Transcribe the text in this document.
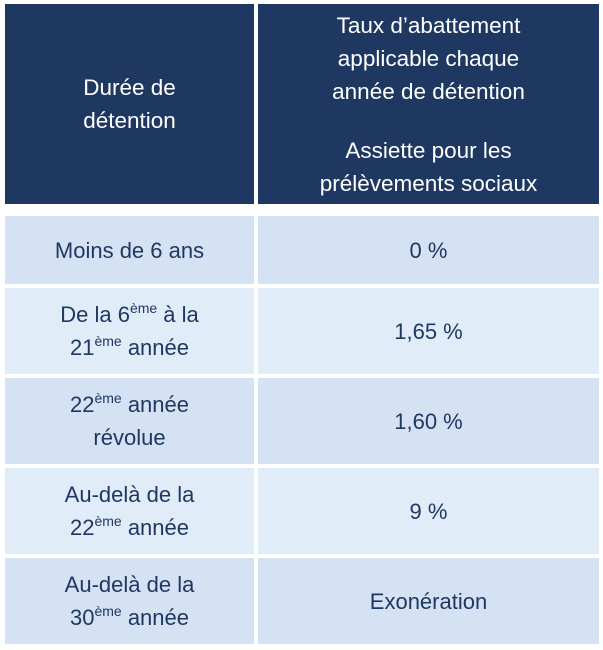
Durée de
détention
Taux d’abattement
applicable chaque
année de détention
Assiette pour les
prélèvements sociaux
Moins de 6 ans	0 %
De la 6ème à la
21ème année
1,65 %
22ème année
révolue
1,60 %
Au-delà de la
22ème année
9 %
Au-delà de la
30ème année
Exonération
